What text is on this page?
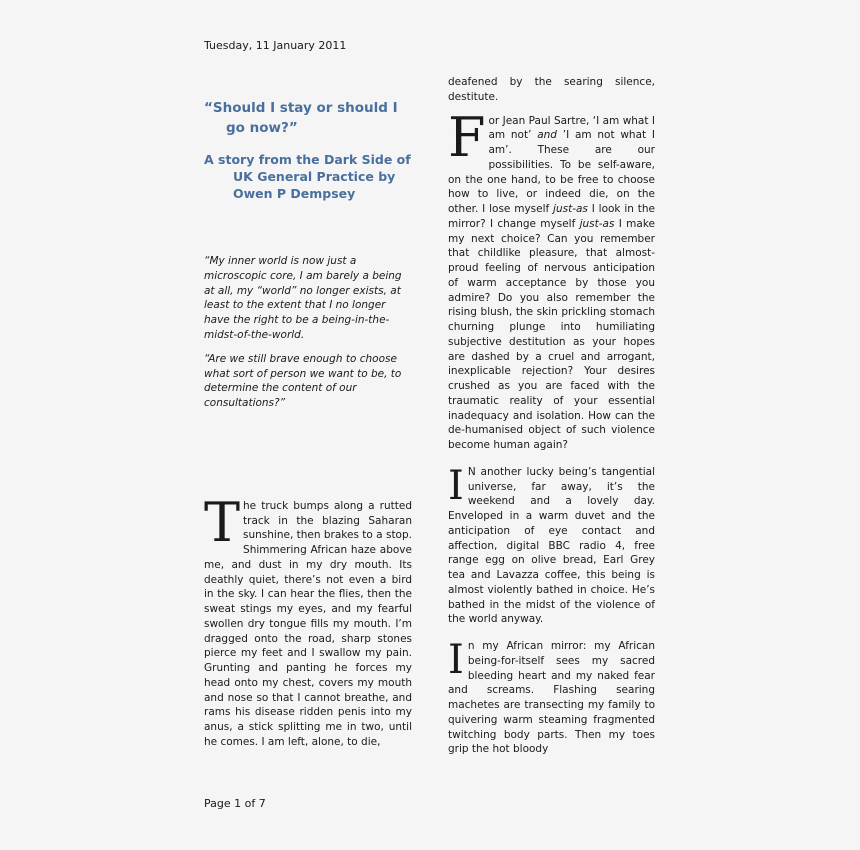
Tuesday, 11 January 2011
“Should I stay or should I go now?”
A story from the Dark Side of UK General Practice by Owen P Dempsey

“My inner world is now just a microscopic core, I am barely a being at all, my “world” no longer exists, at least to the extent that I no longer have the right to be a being-in-the-midst-of-the-world.

“Are we still brave enough to choose what sort of person we want to be, to determine the content of our consultations?”

The truck bumps along a rutted track in the blazing Saharan sunshine, then brakes to a stop. Shimmering African haze above me, and dust in my dry mouth. Its deathly quiet, there’s not even a bird in the sky. I can hear the flies, then the sweat stings my eyes, and my fearful swollen dry tongue fills my mouth. I’m dragged onto the road, sharp stones pierce my feet and I swallow my pain. Grunting and panting he forces my head onto my chest, covers my mouth and nose so that I cannot breathe, and rams his disease ridden penis into my anus, a stick splitting me in two, until he comes. I am left, alone, to die,

deafened by the searing silence, destitute.

For Jean Paul Sartre, ‘I am what I am not’ and ’I am not what I am’. These are our possibilities. To be self-aware, on the one hand, to be free to choose how to live, or indeed die, on the other. I lose myself just-as I look in the mirror? I change myself just-as I make my next choice? Can you remember that childlike pleasure, that almost-proud feeling of nervous anticipation of warm acceptance by those you admire? Do you also remember the rising blush, the skin prickling stomach churning plunge into humiliating subjective destitution as your hopes are dashed by a cruel and arrogant, inexplicable rejection? Your desires crushed as you are faced with the traumatic reality of your essential inadequacy and isolation. How can the de-humanised object of such violence become human again?

I N another lucky being’s tangential universe, far away, it’s the weekend and a lovely day. Enveloped in a warm duvet and the anticipation of eye contact and affection, digital BBC radio 4, free range egg on olive bread, Earl Grey tea and Lavazza coffee, this being is almost violently bathed in choice. He’s bathed in the midst of the violence of the world anyway.

In my African mirror: my African being-for-itself sees my sacred bleeding heart and my naked fear and screams. Flashing searing machetes are transecting my family to quivering warm steaming fragmented twitching body parts. Then my toes grip the hot bloody

Page 1 of 7
